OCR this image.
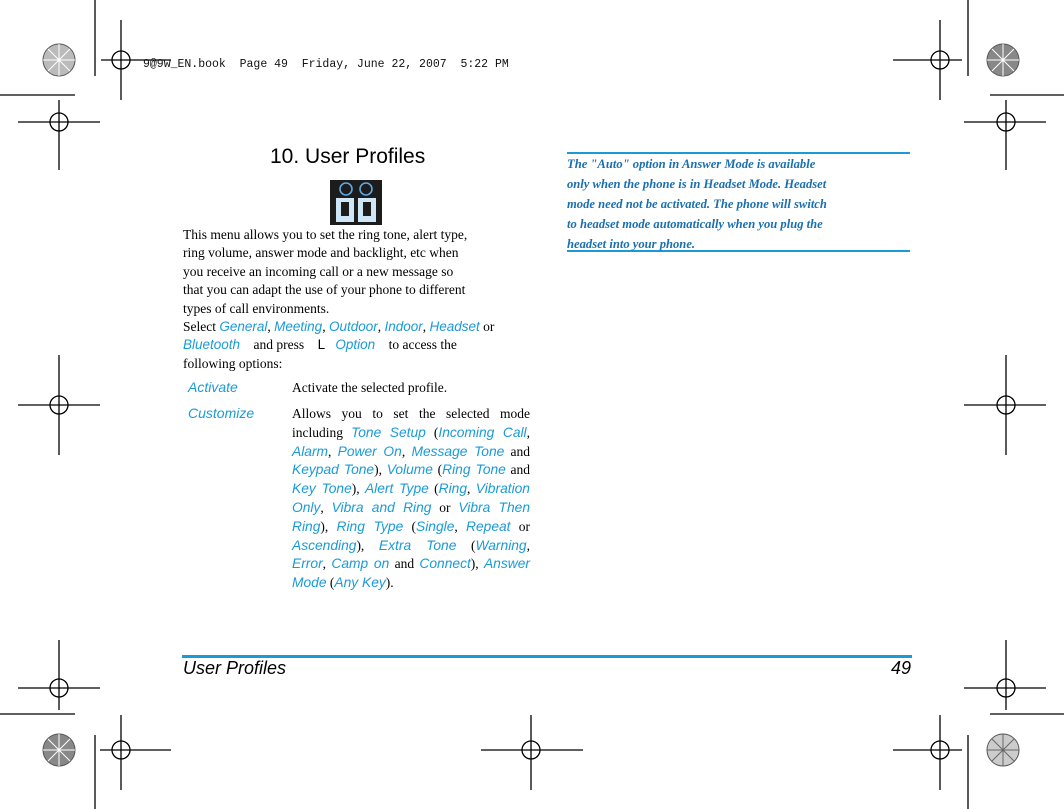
9@9w_EN.book  Page 49  Friday, June 22, 2007  5:22 PM
10. User Profiles
This menu allows you to set the ring tone, alert type,
ring volume, answer mode and backlight, etc when
you receive an incoming call or a new message so
that you can adapt the use of your phone to different
types of call environments.
Select General, Meeting, Outdoor, Indoor, Headset or
Bluetooth and press L Option to access the
following options:
Activate	Activate the selected profile.
Customize	Allows you to set the selected mode including Tone Setup (Incoming Call, Alarm, Power On, Message Tone and Keypad Tone), Volume (Ring Tone and Key Tone), Alert Type (Ring, Vibration Only, Vibra and Ring or Vibra Then Ring), Ring Type (Single, Repeat or Ascending), Extra Tone (Warning, Error, Camp on and Connect), Answer Mode (Any Key).

The "Auto" option in Answer Mode is available

only when the phone is in Headset Mode. Headset

mode need not be activated. The phone will switch

to headset mode automatically when you plug the

headset into your phone.

User Profiles	49
